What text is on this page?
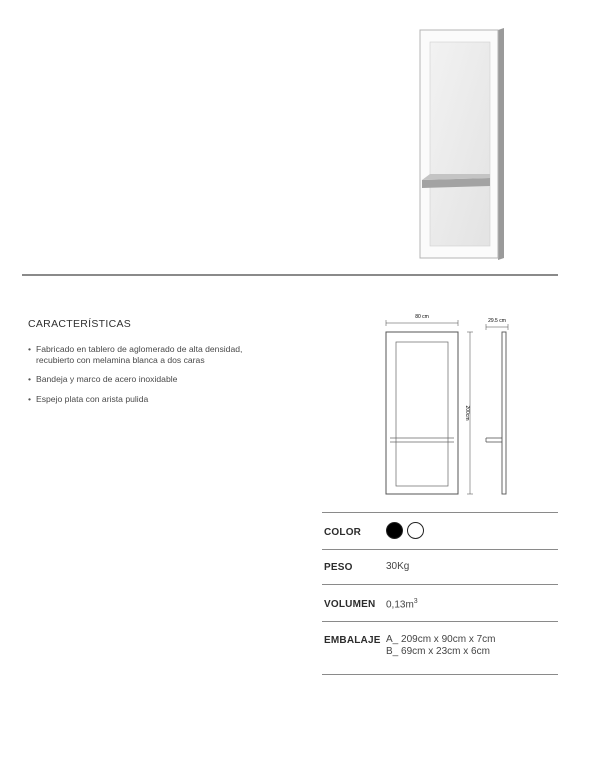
CARACTERÍSTICAS
• Fabricado en tablero de aglomerado de alta densidad, recubierto con melamina blanca a dos caras
• Bandeja y marco de acero inoxidable
• Espejo plata con arista pulida
80 cm
200cm
29.5 cm
COLOR
PESO	30Kg
VOLUMEN $0,13m^3$
EMBALAJE A_ 209cm x 90cm x 7cm
B_ 69cm x 23cm x 6cm
